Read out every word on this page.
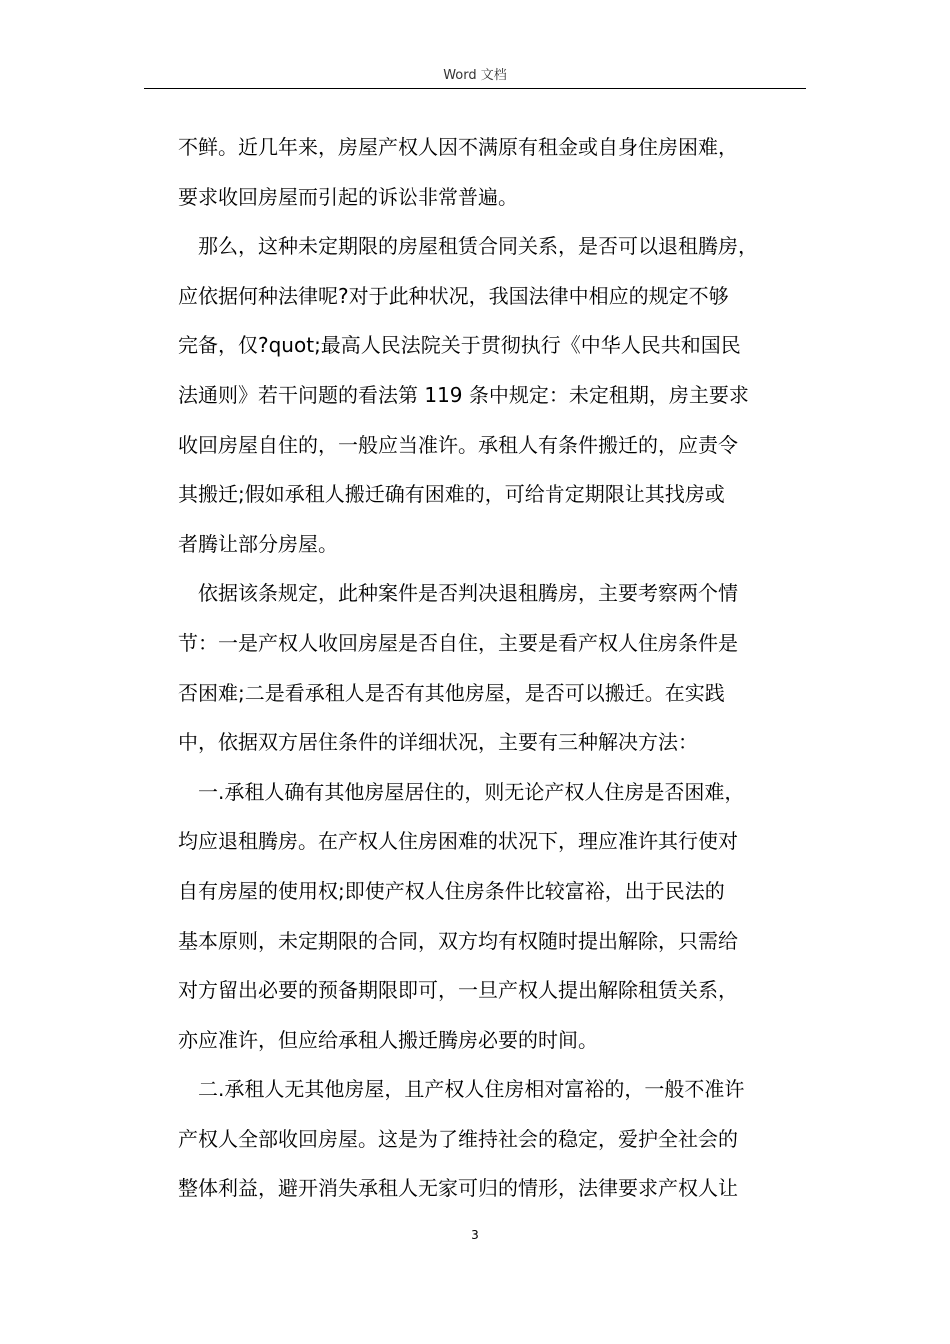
Word 文档
不鲜。近几年来，房屋产权人因不满原有租金或自身住房困难，
要求收回房屋而引起的诉讼非常普遍。
　那么，这种未定期限的房屋租赁合同关系，是否可以退租腾房，
应依据何种法律呢?对于此种状况，我国法律中相应的规定不够
完备，仅?quot;最高人民法院关于贯彻执行《中华人民共和国民
法通则》若干问题的看法第 119 条中规定：未定租期，房主要求
收回房屋自住的，一般应当准许。承租人有条件搬迁的，应责令
其搬迁;假如承租人搬迁确有困难的，可给肯定期限让其找房或
者腾让部分房屋。
　依据该条规定，此种案件是否判决退租腾房，主要考察两个情
节：一是产权人收回房屋是否自住，主要是看产权人住房条件是
否困难;二是看承租人是否有其他房屋，是否可以搬迁。在实践
中，依据双方居住条件的详细状况，主要有三种解决方法：
　一.承租人确有其他房屋居住的，则无论产权人住房是否困难，
均应退租腾房。在产权人住房困难的状况下，理应准许其行使对
自有房屋的使用权;即使产权人住房条件比较富裕，出于民法的
基本原则，未定期限的合同，双方均有权随时提出解除，只需给
对方留出必要的预备期限即可，一旦产权人提出解除租赁关系，
亦应准许，但应给承租人搬迁腾房必要的时间。
　二.承租人无其他房屋，且产权人住房相对富裕的，一般不准许
产权人全部收回房屋。这是为了维持社会的稳定，爱护全社会的
整体利益，避开消失承租人无家可归的情形，法律要求产权人让
3
